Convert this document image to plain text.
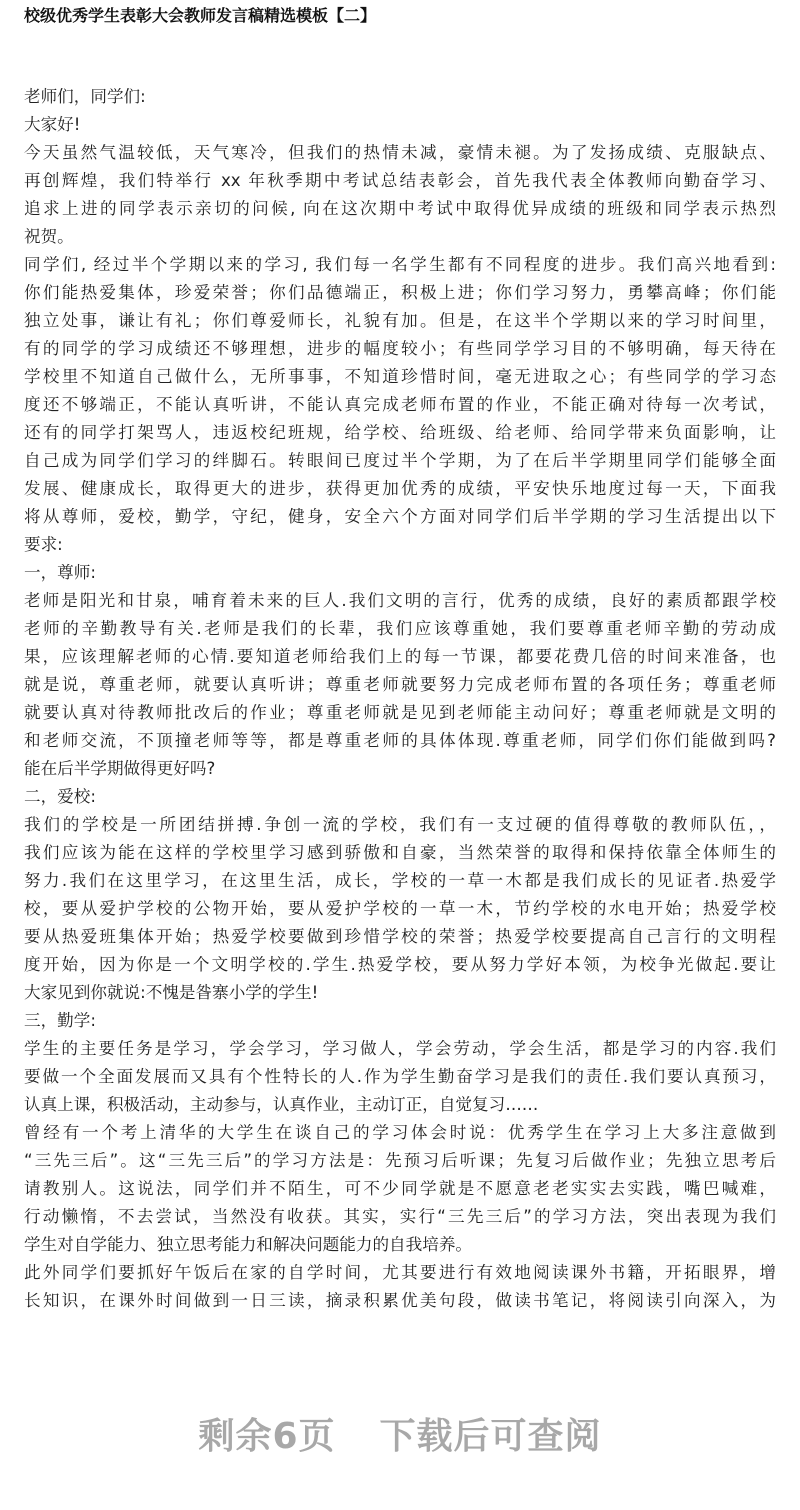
校级优秀学生表彰大会教师发言稿精选模板【二】
老师们，同学们:
大家好!
今天虽然气温较低，天气寒冷，但我们的热情未减，豪情未褪。为了发扬成绩、克服缺点、
再创辉煌，我们特举行 xx 年秋季期中考试总结表彰会，首先我代表全体教师向勤奋学习、
追求上进的同学表示亲切的问候, 向在这次期中考试中取得优异成绩的班级和同学表示热烈
祝贺。
同学们, 经过半个学期以来的学习, 我们每一名学生都有不同程度的进步。我们高兴地看到:
你们能热爱集体，珍爱荣誉；你们品德端正，积极上进；你们学习努力，勇攀高峰；你们能
独立处事，谦让有礼；你们尊爱师长，礼貌有加。但是，在这半个学期以来的学习时间里，
有的同学的学习成绩还不够理想，进步的幅度较小；有些同学学习目的不够明确，每天待在
学校里不知道自己做什么，无所事事，不知道珍惜时间，毫无进取之心；有些同学的学习态
度还不够端正，不能认真听讲，不能认真完成老师布置的作业，不能正确对待每一次考试，
还有的同学打架骂人，违返校纪班规，给学校、给班级、给老师、给同学带来负面影响，让
自己成为同学们学习的绊脚石。转眼间已度过半个学期，为了在后半学期里同学们能够全面
发展、健康成长，取得更大的进步，获得更加优秀的成绩，平安快乐地度过每一天，下面我
将从尊师，爱校，勤学，守纪，健身，安全六个方面对同学们后半学期的学习生活提出以下
要求:
一，尊师:
老师是阳光和甘泉，哺育着未来的巨人.我们文明的言行，优秀的成绩，良好的素质都跟学校
老师的辛勤教导有关.老师是我们的长辈，我们应该尊重她，我们要尊重老师辛勤的劳动成
果，应该理解老师的心情.要知道老师给我们上的每一节课，都要花费几倍的时间来准备，也
就是说，尊重老师，就要认真听讲；尊重老师就要努力完成老师布置的各项任务；尊重老师
就要认真对待教师批改后的作业；尊重老师就是见到老师能主动问好；尊重老师就是文明的
和老师交流，不顶撞老师等等，都是尊重老师的具体体现.尊重老师，同学们你们能做到吗?
能在后半学期做得更好吗?
二，爱校:
我们的学校是一所团结拼搏.争创一流的学校，我们有一支过硬的值得尊敬的教师队伍，，
我们应该为能在这样的学校里学习感到骄傲和自豪，当然荣誉的取得和保持依靠全体师生的
努力.我们在这里学习，在这里生活，成长，学校的一草一木都是我们成长的见证者.热爱学
校，要从爱护学校的公物开始，要从爱护学校的一草一木，节约学校的水电开始；热爱学校
要从热爱班集体开始；热爱学校要做到珍惜学校的荣誉；热爱学校要提高自己言行的文明程
度开始，因为你是一个文明学校的.学生.热爱学校，要从努力学好本领，为校争光做起.要让
大家见到你就说:不愧是昝寨小学的学生!
三，勤学:
学生的主要任务是学习，学会学习，学习做人，学会劳动，学会生活，都是学习的内容.我们
要做一个全面发展而又具有个性特长的人.作为学生勤奋学习是我们的责任.我们要认真预习，
认真上课，积极活动，主动参与，认真作业，主动订正，自觉复习……
曾经有一个考上清华的大学生在谈自己的学习体会时说：优秀学生在学习上大多注意做到
“三先三后”。这“三先三后”的学习方法是：先预习后听课；先复习后做作业；先独立思考后
请教别人。这说法，同学们并不陌生，可不少同学就是不愿意老老实实去实践，嘴巴喊难，
行动懒惰，不去尝试，当然没有收获。其实，实行“三先三后”的学习方法，突出表现为我们
学生对自学能力、独立思考能力和解决问题能力的自我培养。
此外同学们要抓好午饭后在家的自学时间，尤其要进行有效地阅读课外书籍，开拓眼界，增
长知识，在课外时间做到一日三读，摘录积累优美句段，做读书笔记，将阅读引向深入，为
剩余6页 下载后可查阅
